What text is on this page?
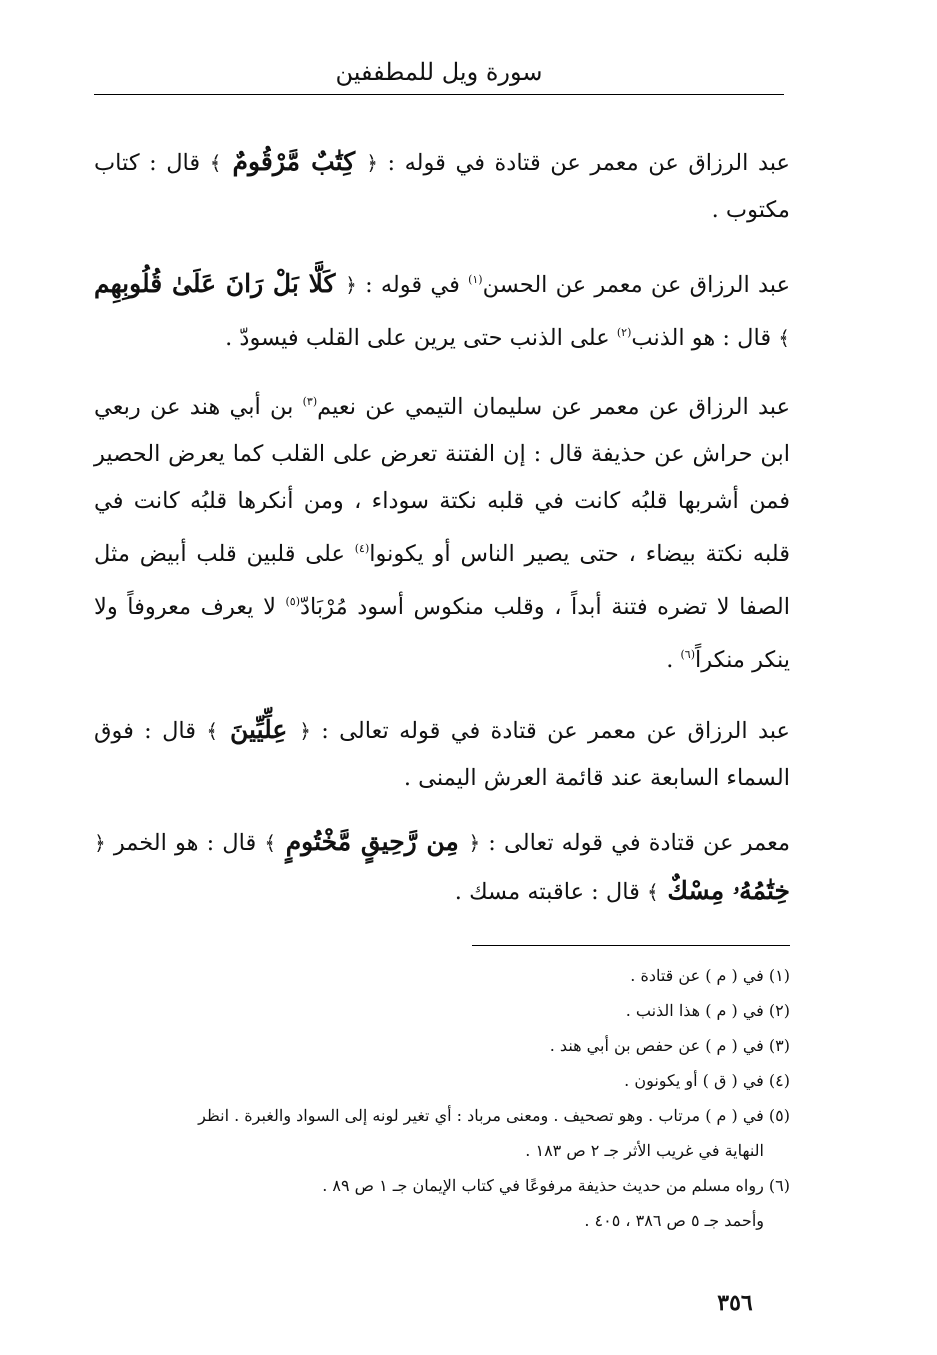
سورة ويل للمطففين

عبد الرزاق عن معمر عن قتادة في قوله : ﴿ كِتَٰبٌ مَّرْقُومٌ ﴾ قال : كتاب مكتوب .

عبد الرزاق عن معمر عن الحسن$^{(١)}$ في قوله : ﴿ كَلَّا بَلْ رَانَ عَلَىٰ قُلُوبِهِم ﴾ قال : هو الذنب$^{(٢)}$ على الذنب حتى يرين على القلب فيسودّ .

عبد الرزاق عن معمر عن سليمان التيمي عن نعيم$^{(٣)}$ بن أبي هند عن ربعي ابن حراش عن حذيفة قال : إن الفتنة تعرض على القلب كما يعرض الحصير فمن أشربها قلبُه كانت في قلبه نكتة سوداء ، ومن أنكرها قلبُه كانت في قلبه نكتة بيضاء ، حتى يصير الناس أو يكونوا$^{(٤)}$ على قلبين قلب أبيض مثل الصفا لا تضره فتنة أبداً ، وقلب منكوس أسود مُرْبَادّ$^{(٥)}$ لا يعرف معروفاً ولا ينكر منكراً$^{(٦)}$ .

عبد الرزاق عن معمر عن قتادة في قوله تعالى : ﴿ عِلِّيِّينَ ﴾ قال : فوق السماء السابعة عند قائمة العرش اليمنى .

معمر عن قتادة في قوله تعالى : ﴿ مِن رَّحِيقٍ مَّخْتُومٍ ﴾ قال : هو الخمر ﴿ خِتَٰمُهُۥ مِسْكٌ ﴾ قال : عاقبته مسك .

(١) في ( م ) عن قتادة .

(٢) في ( م ) هذا الذنب .

(٣) في ( م ) عن حفص بن أبي هند .

(٤) في ( ق ) أو يكونون .

(٥) في ( م ) مرتاب . وهو تصحيف . ومعنى مرباد : أي تغير لونه إلى السواد والغبرة . انظر
النهاية في غريب الأثر جـ ٢ ص ١٨٣ .

(٦) رواه مسلم من حديث حذيفة مرفوعًا في كتاب الإيمان جـ ١ ص ٨٩ .
وأحمد جـ ٥ ص ٣٨٦ ، ٤٠٥ .

٣٥٦
